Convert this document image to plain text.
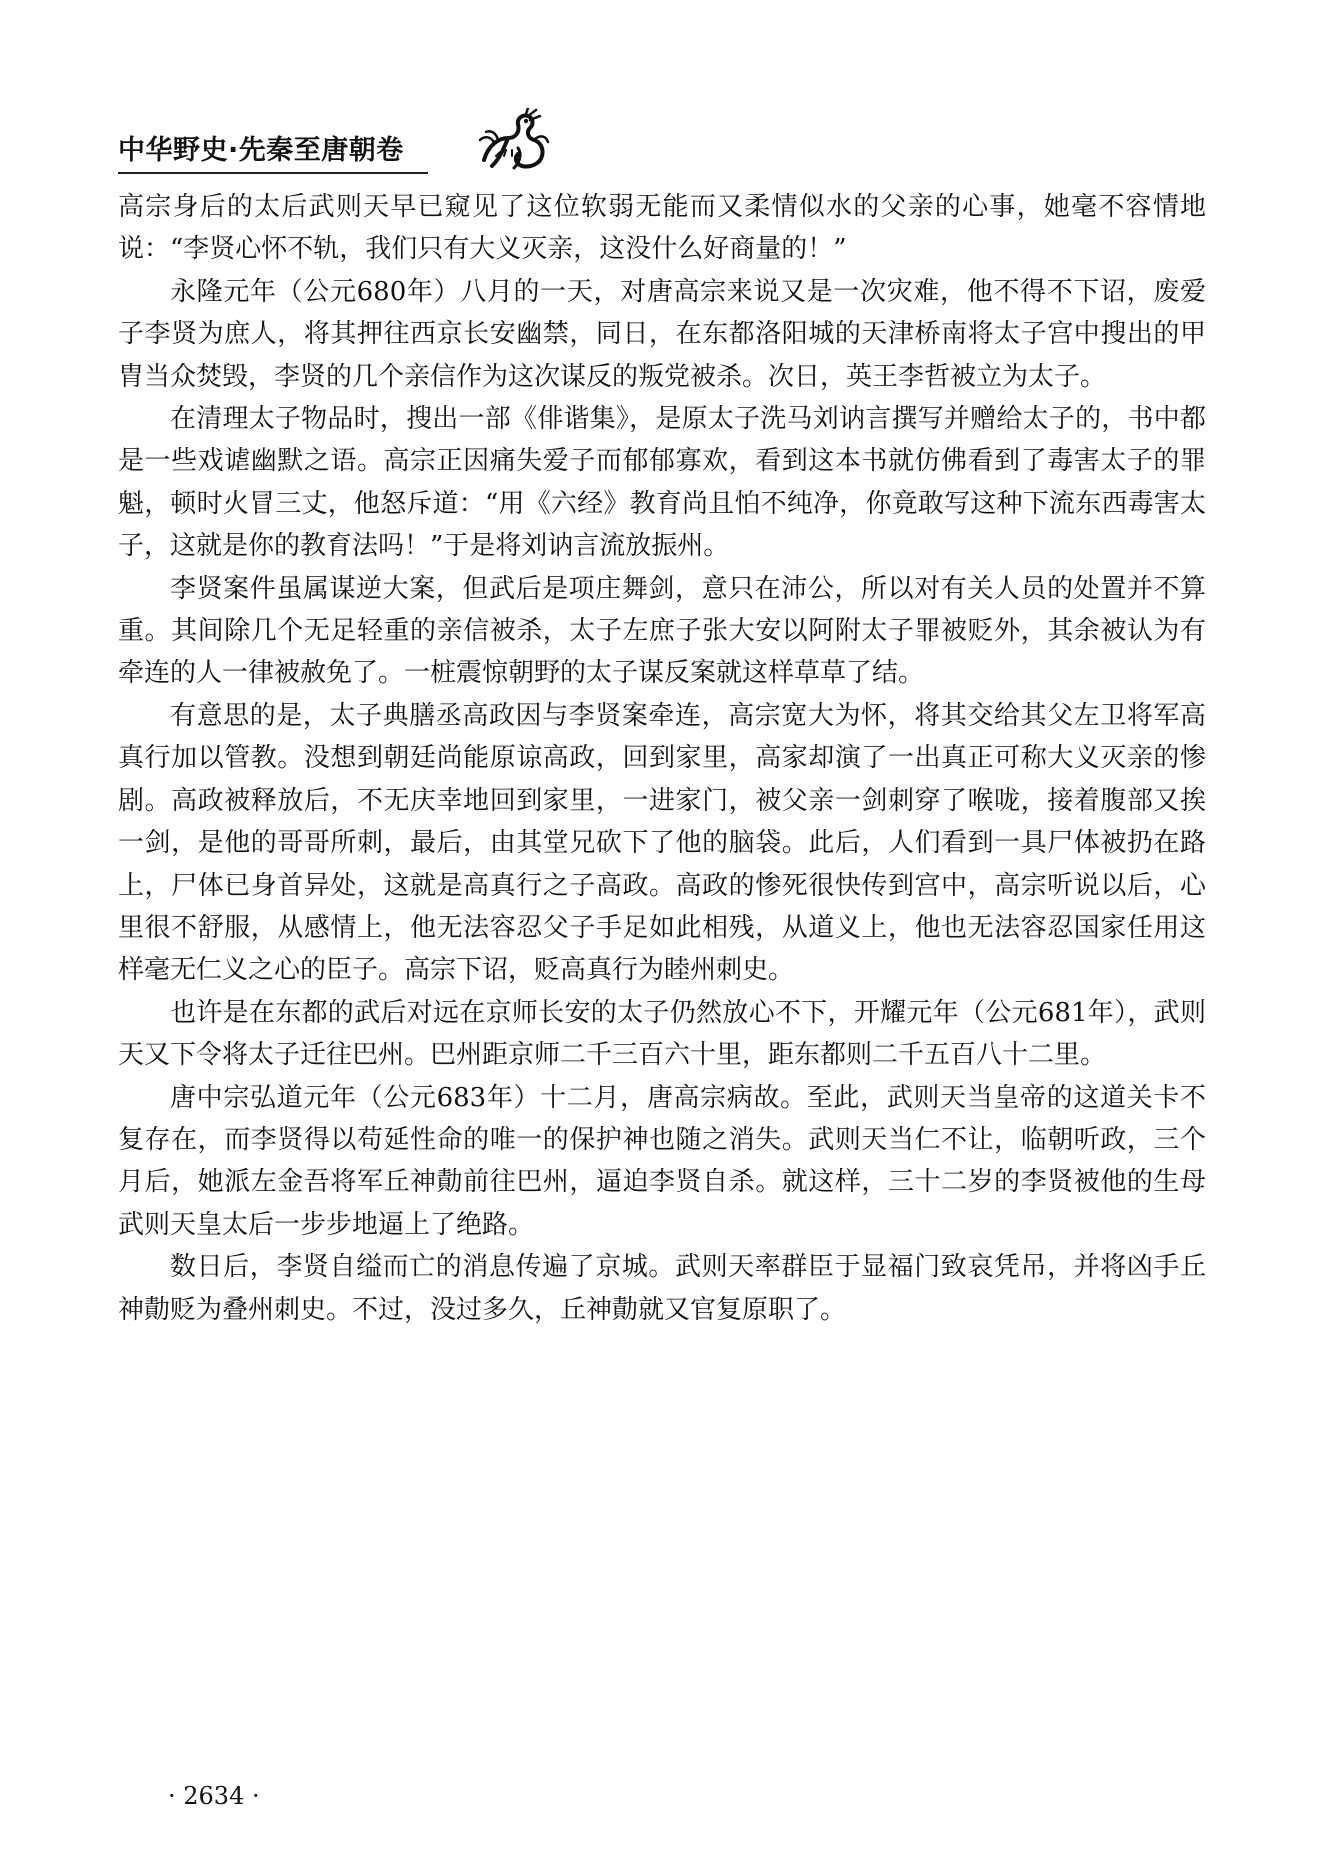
中华野史·先秦至唐朝卷

高宗身后的太后武则天早已窥见了这位软弱无能而又柔情似水的父亲的心事，她毫不容情地说：“李贤心怀不轨，我们只有大义灭亲，这没什么好商量的！”

永隆元年（公元680年）八月的一天，对唐高宗来说又是一次灾难，他不得不下诏，废爱子李贤为庶人，将其押往西京长安幽禁，同日，在东都洛阳城的天津桥南将太子宫中搜出的甲胄当众焚毁，李贤的几个亲信作为这次谋反的叛党被杀。次日，英王李哲被立为太子。

在清理太子物品时，搜出一部《俳谐集》，是原太子洗马刘讷言撰写并赠给太子的，书中都是一些戏谑幽默之语。高宗正因痛失爱子而郁郁寡欢，看到这本书就仿佛看到了毒害太子的罪魁，顿时火冒三丈，他怒斥道：“用《六经》教育尚且怕不纯净，你竟敢写这种下流东西毒害太子，这就是你的教育法吗！”于是将刘讷言流放振州。

李贤案件虽属谋逆大案，但武后是项庄舞剑，意只在沛公，所以对有关人员的处置并不算重。其间除几个无足轻重的亲信被杀，太子左庶子张大安以阿附太子罪被贬外，其余被认为有牵连的人一律被赦免了。一桩震惊朝野的太子谋反案就这样草草了结。

有意思的是，太子典膳丞高政因与李贤案牵连，高宗宽大为怀，将其交给其父左卫将军高真行加以管教。没想到朝廷尚能原谅高政，回到家里，高家却演了一出真正可称大义灭亲的惨剧。高政被释放后，不无庆幸地回到家里，一进家门，被父亲一剑刺穿了喉咙，接着腹部又挨一剑，是他的哥哥所刺，最后，由其堂兄砍下了他的脑袋。此后，人们看到一具尸体被扔在路上，尸体已身首异处，这就是高真行之子高政。高政的惨死很快传到宫中，高宗听说以后，心里很不舒服，从感情上，他无法容忍父子手足如此相残，从道义上，他也无法容忍国家任用这样毫无仁义之心的臣子。高宗下诏，贬高真行为睦州刺史。

也许是在东都的武后对远在京师长安的太子仍然放心不下，开耀元年（公元681年），武则天又下令将太子迁往巴州。巴州距京师二千三百六十里，距东都则二千五百八十二里。

唐中宗弘道元年（公元683年）十二月，唐高宗病故。至此，武则天当皇帝的这道关卡不复存在，而李贤得以苟延性命的唯一的保护神也随之消失。武则天当仁不让，临朝听政，三个月后，她派左金吾将军丘神勣前往巴州，逼迫李贤自杀。就这样，三十二岁的李贤被他的生母武则天皇太后一步步地逼上了绝路。

数日后，李贤自缢而亡的消息传遍了京城。武则天率群臣于显福门致哀凭吊，并将凶手丘神勣贬为叠州刺史。不过，没过多久，丘神勣就又官复原职了。

· 2634 ·
